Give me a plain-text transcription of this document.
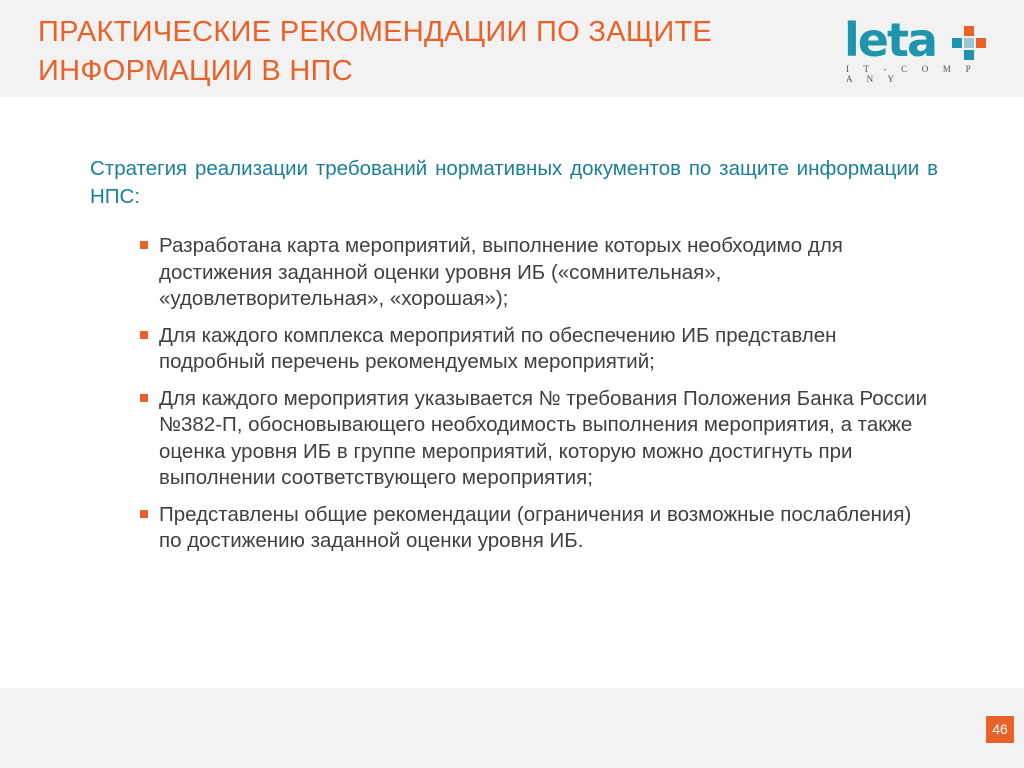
ПРАКТИЧЕСКИЕ РЕКОМЕНДАЦИИ ПО ЗАЩИТЕ
ИНФОРМАЦИИ В НПС
leta
I T - C O M P A N Y

Стратегия реализации требований нормативных документов по защите информации в НПС:

Разработана карта мероприятий, выполнение которых необходимо для достижения заданной оценки уровня ИБ («сомнительная», «удовлетворительная», «хорошая»);
Для каждого комплекса мероприятий по обеспечению ИБ представлен подробный перечень рекомендуемых мероприятий;
Для каждого мероприятия указывается № требования Положения Банка России №382-П, обосновывающего необходимость выполнения мероприятия, а также оценка уровня ИБ в группе мероприятий, которую можно достигнуть при выполнении соответствующего мероприятия;
Представлены общие рекомендации (ограничения и возможные послабления) по достижению заданной оценки уровня ИБ.
46
